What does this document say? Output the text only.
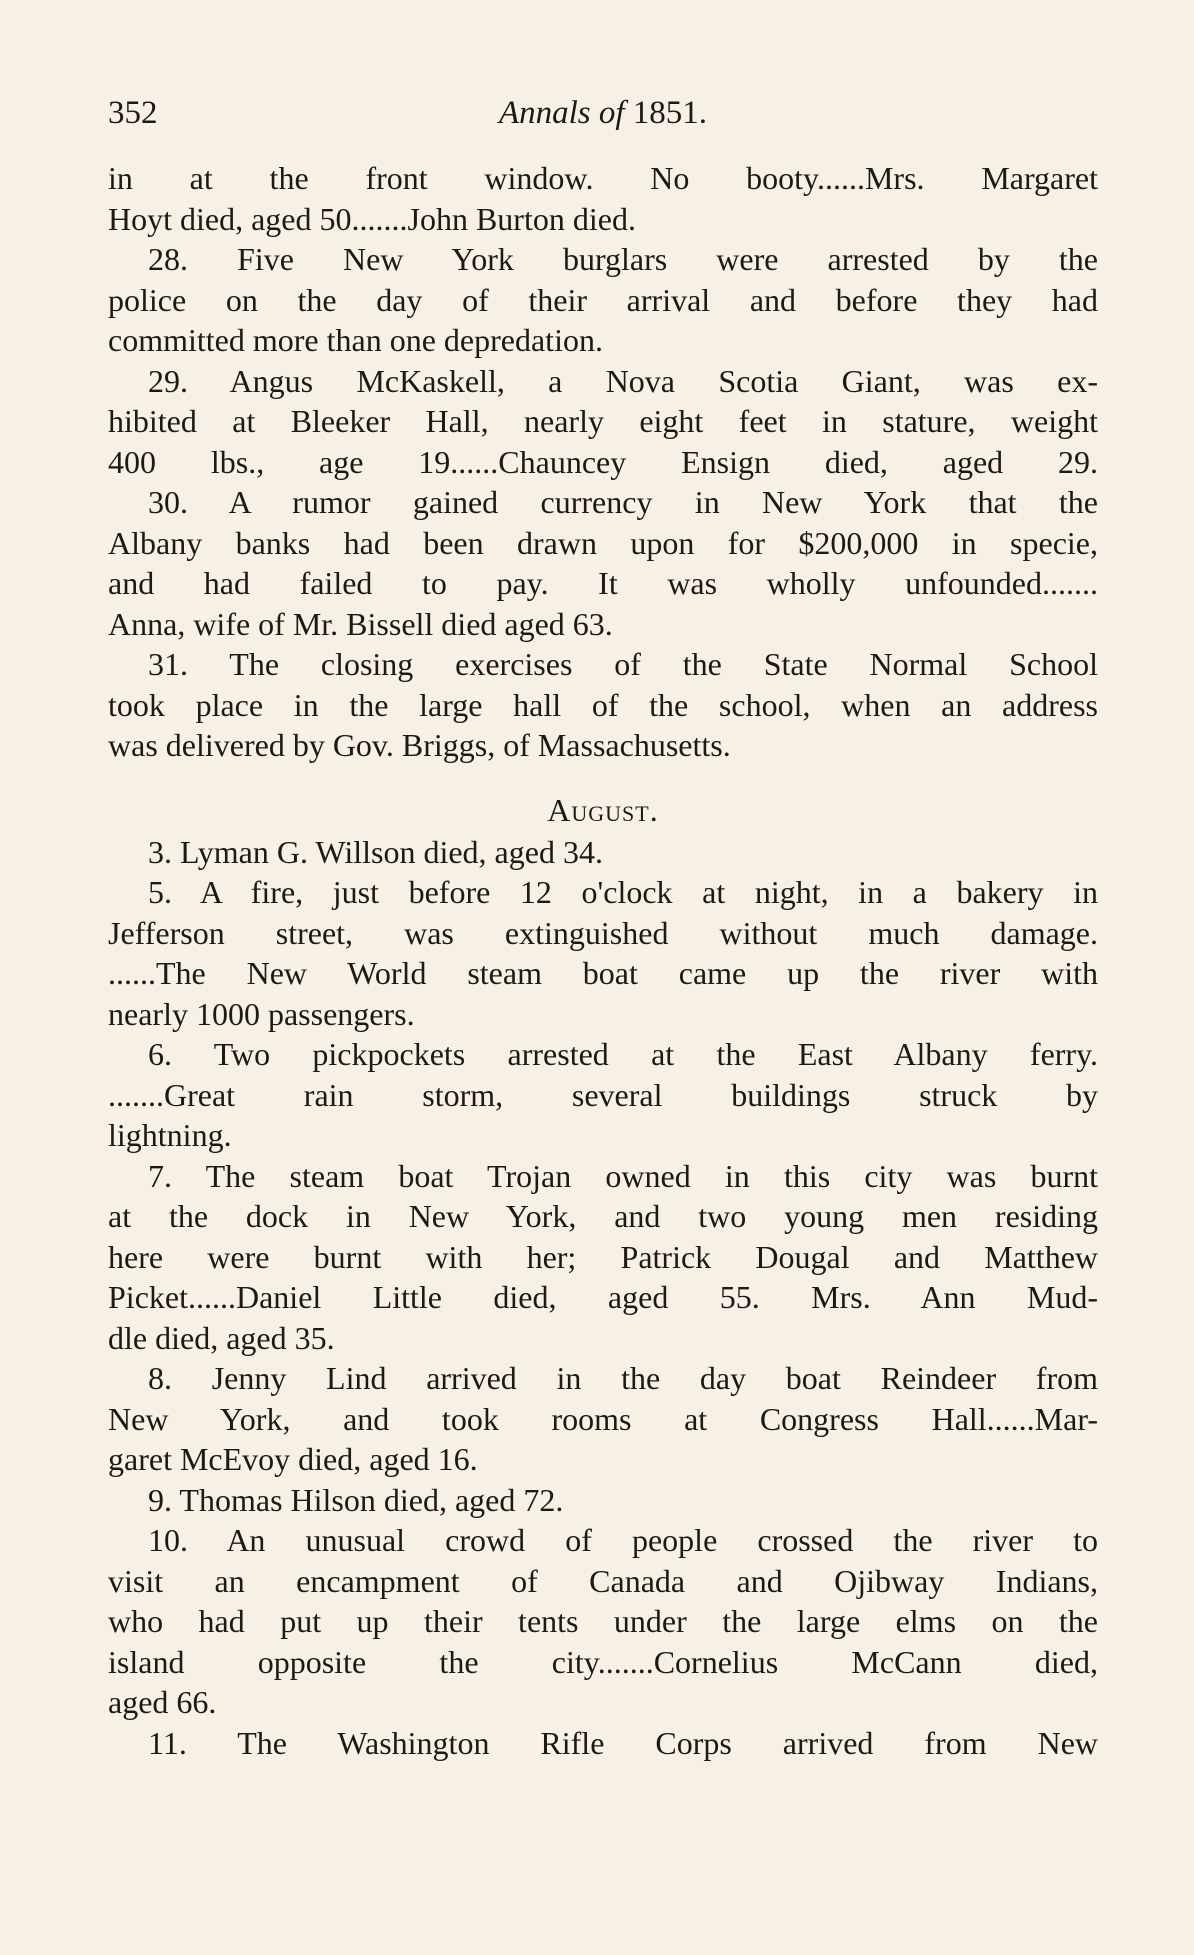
352	Annals of 1851.
in at the front window. No booty......Mrs. Margaret
Hoyt died, aged 50.......John Burton died.
28. Five New York burglars were arrested by the
police on the day of their arrival and before they had
committed more than one depredation.
29. Angus McKaskell, a Nova Scotia Giant, was ex-
hibited at Bleeker Hall, nearly eight feet in stature, weight
400 lbs., age 19......Chauncey Ensign died, aged 29.
30. A rumor gained currency in New York that the
Albany banks had been drawn upon for $200,000 in specie,
and had failed to pay. It was wholly unfounded.......
Anna, wife of Mr. Bissell died aged 63.
31. The closing exercises of the State Normal School
took place in the large hall of the school, when an address
was delivered by Gov. Briggs, of Massachusetts.
August.
3. Lyman G. Willson died, aged 34.
5. A fire, just before 12 o'clock at night, in a bakery in
Jefferson street, was extinguished without much damage.
......The New World steam boat came up the river with
nearly 1000 passengers.
6. Two pickpockets arrested at the East Albany ferry.
.......Great rain storm, several buildings struck by
lightning.
7. The steam boat Trojan owned in this city was burnt
at the dock in New York, and two young men residing
here were burnt with her; Patrick Dougal and Matthew
Picket......Daniel Little died, aged 55. Mrs. Ann Mud-
dle died, aged 35.
8. Jenny Lind arrived in the day boat Reindeer from
New York, and took rooms at Congress Hall......Mar-
garet McEvoy died, aged 16.
9. Thomas Hilson died, aged 72.
10. An unusual crowd of people crossed the river to
visit an encampment of Canada and Ojibway Indians,
who had put up their tents under the large elms on the
island opposite the city.......Cornelius McCann died,
aged 66.
11. The Washington Rifle Corps arrived from New
